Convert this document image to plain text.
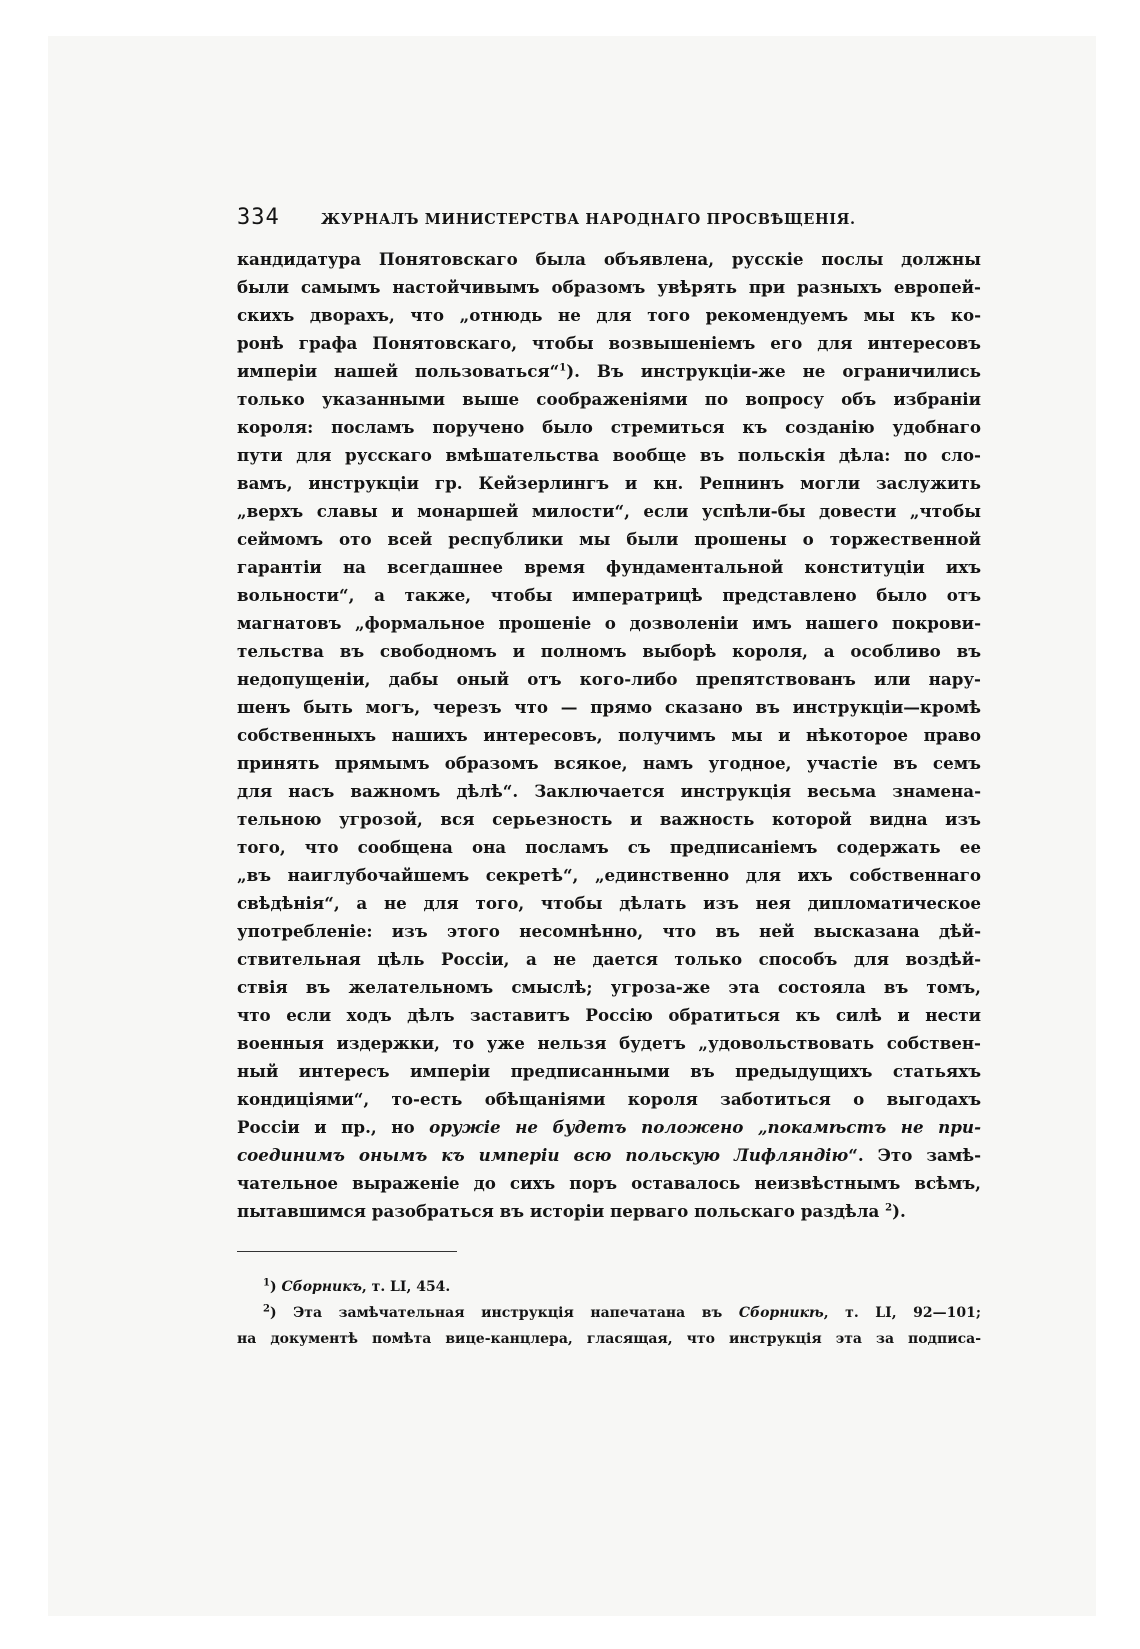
334	ЖУРНАЛЪ МИНИСТЕРСТВА НАРОДНАГО ПРОСВѢЩЕНІЯ.
кандидатура Понятовскаго была объявлена, русскіе послы должны
были самымъ настойчивымъ образомъ увѣрять при разныхъ европей-
скихъ дворахъ, что „отнюдь не для того рекомендуемъ мы къ ко-
ронѣ графа Понятовскаго, чтобы возвышеніемъ его для интересовъ
имперіи нашей пользоваться“$^1$). Въ инструкціи-же не ограничились
только указанными выше соображеніями по вопросу объ избраніи
короля: посламъ поручено было стремиться къ созданію удобнаго
пути для русскаго вмѣшательства вообще въ польскія дѣла: по сло-
вамъ, инструкціи гр. Кейзерлингъ и кн. Репнинъ могли заслужить
„верхъ славы и монаршей милости“, если успѣли-бы довести „чтобы
сеймомъ ото всей республики мы были прошены о торжественной
гарантіи на всегдашнее время фундаментальной конституціи ихъ
вольности“, а также, чтобы императрицѣ представлено было отъ
магнатовъ „формальное прошеніе о дозволеніи имъ нашего покрови-
тельства въ свободномъ и полномъ выборѣ короля, а особливо въ
недопущеніи, дабы оный отъ кого-либо препятствованъ или нару-
шенъ быть могъ, черезъ что — прямо сказано въ инструкціи—кромѣ
собственныхъ нашихъ интересовъ, получимъ мы и нѣкоторое право
принять прямымъ образомъ всякое, намъ угодное, участіе въ семъ
для насъ важномъ дѣлѣ“. Заключается инструкція весьма знамена-
тельною угрозой, вся серьезность и важность которой видна изъ
того, что сообщена она посламъ съ предписаніемъ содержать ее
„въ наиглубочайшемъ секретѣ“, „единственно для ихъ собственнаго
свѣдѣнія“, а не для того, чтобы дѣлать изъ нея дипломатическое
употребленіе: изъ этого несомнѣнно, что въ ней высказана дѣй-
ствительная цѣль Россіи, а не дается только способъ для воздѣй-
ствія въ желательномъ смыслѣ; угроза-же эта состояла въ томъ,
что если ходъ дѣлъ заставитъ Россію обратиться къ силѣ и нести
военныя издержки, то уже нельзя будетъ „удовольствовать собствен-
ный интересъ имперіи предписанными въ предыдущихъ статьяхъ
кондиціями“, то-есть обѣщаніями короля заботиться о выгодахъ
Россіи и пр., но оружіе не будетъ положено „покамѣстъ не при-
соединимъ онымъ къ имперіи всю польскую Лифляндію“. Это замѣ-
чательное выраженіе до сихъ поръ оставалось неизвѣстнымъ всѣмъ,
пытавшимся разобраться въ исторіи перваго польскаго раздѣла $^2$).
$^1$) Сборникъ, т. LI, 454.
$^2$) Эта замѣчательная инструкція напечатана въ Сборникѣ, т. LI, 92—101;
на документѣ помѣта вице-канцлера, гласящая, что инструкція эта за подписа-
